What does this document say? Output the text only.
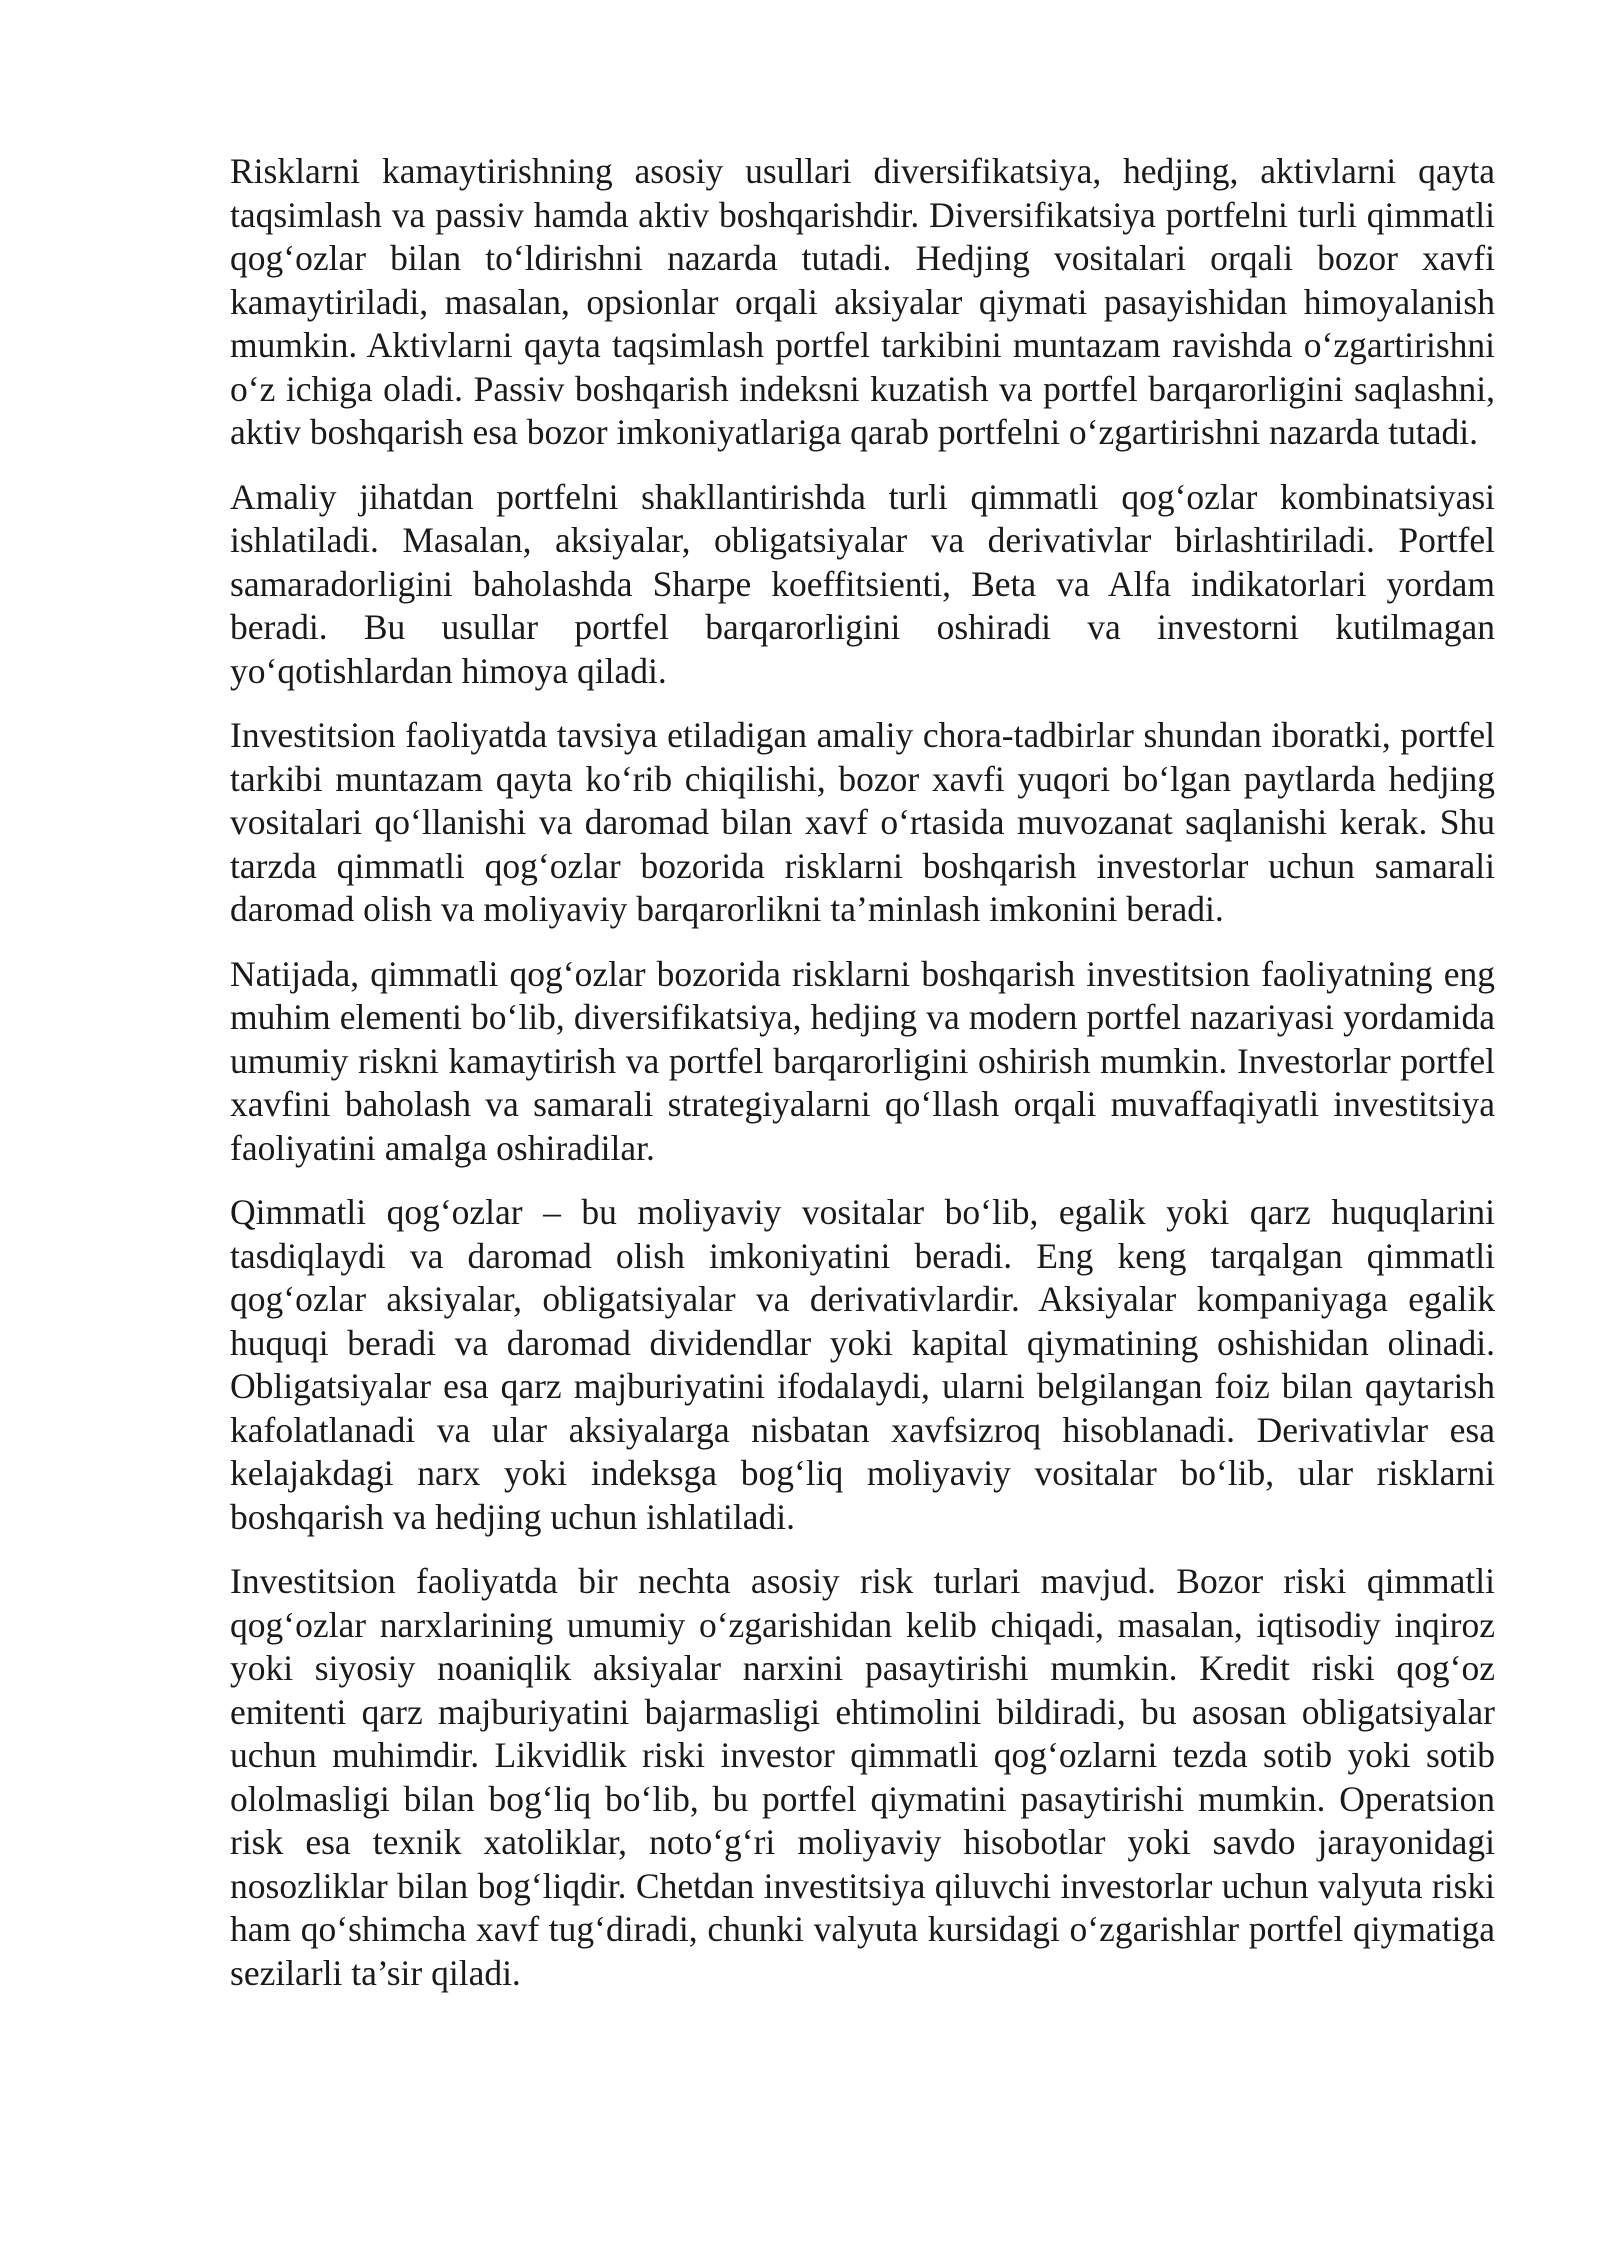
Risklarni kamaytirishning asosiy usullari diversifikatsiya, hedjing, aktivlarni qayta taqsimlash va passiv hamda aktiv boshqarishdir. Diversifikatsiya portfelni turli qimmatli qog‘ozlar bilan to‘ldirishni nazarda tutadi. Hedjing vositalari orqali bozor xavfi kamaytiriladi, masalan, opsionlar orqali aksiyalar qiymati pasayishidan himoyalanish mumkin. Aktivlarni qayta taqsimlash portfel tarkibini muntazam ravishda o‘zgartirishni o‘z ichiga oladi. Passiv boshqarish indeksni kuzatish va portfel barqarorligini saqlashni, aktiv boshqarish esa bozor imkoniyatlariga qarab portfelni o‘zgartirishni nazarda tutadi.

Amaliy jihatdan portfelni shakllantirishda turli qimmatli qog‘ozlar kombinatsiyasi ishlatiladi. Masalan, aksiyalar, obligatsiyalar va derivativlar birlashtiriladi. Portfel samaradorligini baholashda Sharpe koeffitsienti, Beta va Alfa indikatorlari yordam beradi. Bu usullar portfel barqarorligini oshiradi va investorni kutilmagan yo‘qotishlardan himoya qiladi.

Investitsion faoliyatda tavsiya etiladigan amaliy chora-tadbirlar shundan iboratki, portfel tarkibi muntazam qayta ko‘rib chiqilishi, bozor xavfi yuqori bo‘lgan paytlarda hedjing vositalari qo‘llanishi va daromad bilan xavf o‘rtasida muvozanat saqlanishi kerak. Shu tarzda qimmatli qog‘ozlar bozorida risklarni boshqarish investorlar uchun samarali daromad olish va moliyaviy barqarorlikni ta’minlash imkonini beradi.

Natijada, qimmatli qog‘ozlar bozorida risklarni boshqarish investitsion faoliyatning eng muhim elementi bo‘lib, diversifikatsiya, hedjing va modern portfel nazariyasi yordamida umumiy riskni kamaytirish va portfel barqarorligini oshirish mumkin. Investorlar portfel xavfini baholash va samarali strategiyalarni qo‘llash orqali muvaffaqiyatli investitsiya faoliyatini amalga oshiradilar.

Qimmatli qog‘ozlar – bu moliyaviy vositalar bo‘lib, egalik yoki qarz huquqlarini tasdiqlaydi va daromad olish imkoniyatini beradi. Eng keng tarqalgan qimmatli qog‘ozlar aksiyalar, obligatsiyalar va derivativlardir. Aksiyalar kompaniyaga egalik huquqi beradi va daromad dividendlar yoki kapital qiymatining oshishidan olinadi. Obligatsiyalar esa qarz majburiyatini ifodalaydi, ularni belgilangan foiz bilan qaytarish kafolatlanadi va ular aksiyalarga nisbatan xavfsizroq hisoblanadi. Derivativlar esa kelajakdagi narx yoki indeksga bog‘liq moliyaviy vositalar bo‘lib, ular risklarni boshqarish va hedjing uchun ishlatiladi.

Investitsion faoliyatda bir nechta asosiy risk turlari mavjud. Bozor riski qimmatli qog‘ozlar narxlarining umumiy o‘zgarishidan kelib chiqadi, masalan, iqtisodiy inqiroz yoki siyosiy noaniqlik aksiyalar narxini pasaytirishi mumkin. Kredit riski qog‘oz emitenti qarz majburiyatini bajarmasligi ehtimolini bildiradi, bu asosan obligatsiyalar uchun muhimdir. Likvidlik riski investor qimmatli qog‘ozlarni tezda sotib yoki sotib ololmasligi bilan bog‘liq bo‘lib, bu portfel qiymatini pasaytirishi mumkin. Operatsion risk esa texnik xatoliklar, noto‘g‘ri moliyaviy hisobotlar yoki savdo jarayonidagi nosozliklar bilan bog‘liqdir. Chetdan investitsiya qiluvchi investorlar uchun valyuta riski ham qo‘shimcha xavf tug‘diradi, chunki valyuta kursidagi o‘zgarishlar portfel qiymatiga sezilarli ta’sir qiladi.
